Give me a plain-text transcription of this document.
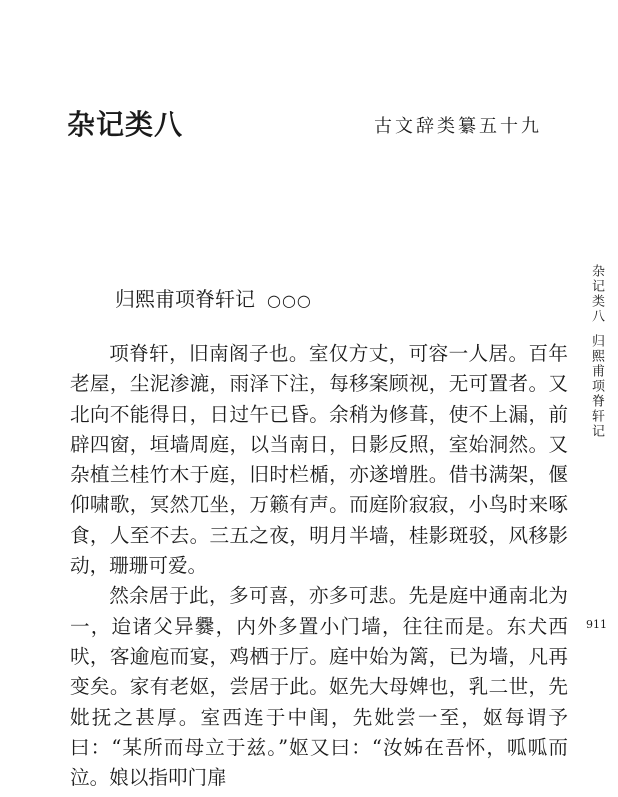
杂记类八	古文辞类纂五十九
归熙甫项脊轩记 ○○○

项脊轩，旧南阁子也。室仅方丈，可容一人居。百年老屋，尘泥渗漉，雨泽下注，每移案顾视，无可置者。又北向不能得日，日过午已昏。余稍为修葺，使不上漏，前辟四窗，垣墙周庭，以当南日，日影反照，室始洞然。又杂植兰桂竹木于庭，旧时栏楯，亦遂增胜。借书满架，偃仰啸歌，冥然兀坐，万籁有声。而庭阶寂寂，小鸟时来啄食，人至不去。三五之夜，明月半墙，桂影斑驳，风移影动，珊珊可爱。

然余居于此，多可喜，亦多可悲。先是庭中通南北为一，迨诸父异爨，内外多置小门墙，往往而是。东犬西吠，客逾庖而宴，鸡栖于厅。庭中始为篱，已为墙，凡再变矣。家有老妪，尝居于此。妪先大母婢也，乳二世，先妣抚之甚厚。室西连于中闺，先妣尝一至，妪每谓予曰：“某所而母立于兹。”妪又曰：“汝姊在吾怀，呱呱而泣。娘以指叩门扉

杂记类八归熙甫项脊轩记
911
